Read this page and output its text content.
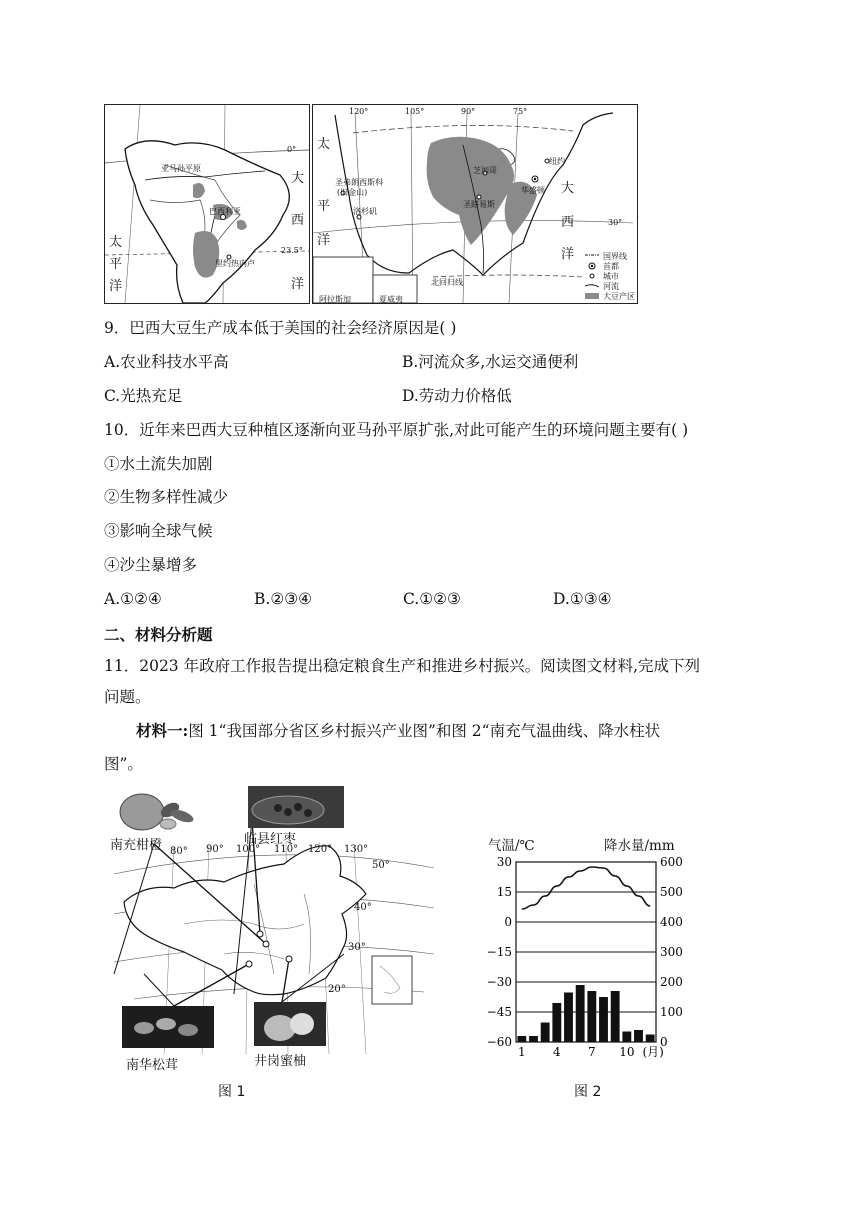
亚马孙平原
巴西利亚
里约热内卢
0°
23.5°
大
西
洋
太
平
洋
120°	105°	90°	75°
30°
圣弗朗西斯科
(旧金山)
洛杉矶
芝加哥
圣路易斯
纽约
华盛顿
北回归线
阿拉斯加	夏威夷
太
平
洋
大
西
洋	国界线
首都
城市
河流
大豆产区
9．巴西大豆生产成本低于美国的社会经济原因是( )
A.农业科技水平高	B.河流众多,水运交通便利
C.光热充足	D.劳动力价格低
10．近年来巴西大豆种植区逐渐向亚马孙平原扩张,对此可能产生的环境问题主要有( )
①水土流失加剧
②生物多样性减少
③影响全球气候
④沙尘暴增多
A.①②④	B.②③④	C.①②③	D.①③④
二、材料分析题
11．2023 年政府工作报告提出稳定粮食生产和推进乡村振兴。阅读图文材料,完成下列
问题。
材料一:图 1“我国部分省区乡村振兴产业图”和图 2“南充气温曲线、降水柱状
图”。
南充柑橙	临县红枣
南华松茸	井岗蜜柚
80° 90° 100° 110° 120° 130°
50°
40°
30°
20°
图 1
气温/℃	降水量/mm
30
15
0
−15
−30
−45
−60
600
500
400
300
200
100
0
1 4 7 10 (月)
图 2
